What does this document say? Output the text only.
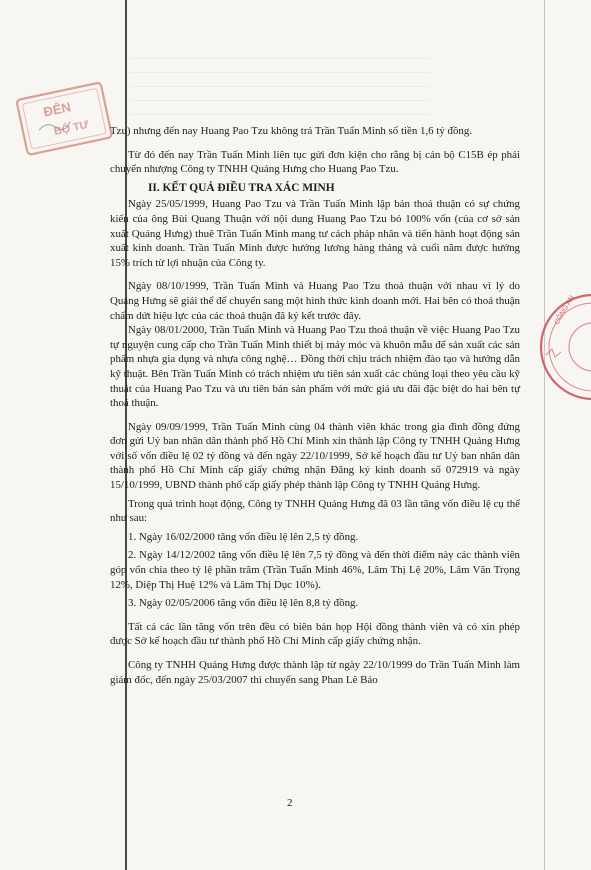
ĐẾN
BỘ TƯ
CÔNG AN

Tzu) nhưng đến nay Huang Pao Tzu không trả Trần Tuấn Minh số tiền 1,6 tỷ đồng.

Từ đó đến nay Trần Tuấn Minh liên tục gửi đơn kiện cho rằng bị cán bộ C15B ép phải chuyển nhượng Công ty TNHH Quảng Hưng cho Huang Pao Tzu.

II. KẾT QUẢ ĐIỀU TRA XÁC MINH

Ngày 25/05/1999, Huang Pao Tzu và Trần Tuấn Minh lập bản thoả thuận có sự chứng kiến của ông Bùi Quang Thuận với nội dung Huang Pao Tzu bỏ 100% vốn (của cơ sở sản xuất Quảng Hưng) thuê Trần Tuấn Minh mang tư cách pháp nhân và tiến hành hoạt động sản xuất kinh doanh. Trần Tuấn Minh được hưởng lương hàng tháng và cuối năm được hưởng 15% trích từ lợi nhuận của Công ty.

Ngày 08/10/1999, Trần Tuấn Minh và Huang Pao Tzu thoả thuận với nhau vì lý do Quảng Hưng sẽ giải thể để chuyển sang một hình thức kinh doanh mới. Hai bên có thoả thuận chấm dứt hiệu lực của các thoả thuận đã ký kết trước đây.

Ngày 08/01/2000, Trần Tuấn Minh và Huang Pao Tzu thoả thuận về việc Huang Pao Tzu tự nguyện cung cấp cho Trần Tuấn Minh thiết bị máy móc và khuôn mẫu để sản xuất các sản phẩm nhựa gia dụng và nhựa công nghệ… Đồng thời chịu trách nhiệm đào tạo và hướng dẫn kỹ thuật. Bên Trần Tuấn Minh có trách nhiệm ưu tiên sản xuất các chủng loại theo yêu cầu kỹ thuật của Huang Pao Tzu và ưu tiên bán sản phẩm với mức giá ưu đãi đặc biệt do hai bên tự thoả thuận.

Ngày 09/09/1999, Trần Tuấn Minh cùng 04 thành viên khác trong gia đình đồng đứng đơn gửi Uỷ ban nhân dân thành phố Hồ Chí Minh xin thành lập Công ty TNHH Quảng Hưng với số vốn điều lệ 02 tỷ đồng và đến ngày 22/10/1999, Sở kế hoạch đầu tư Uỷ ban nhân dân thành phố Hồ Chí Minh cấp giấy chứng nhận Đăng ký kinh doanh số 072919 và ngày 15/10/1999, UBND thành phố cấp giấy phép thành lập Công ty TNHH Quảng Hưng.

Trong quá trình hoạt động, Công ty TNHH Quảng Hưng đã 03 lần tăng vốn điều lệ cụ thể như sau:

1. Ngày 16/02/2000 tăng vốn điều lệ lên 2,5 tỷ đồng.

2. Ngày 14/12/2002 tăng vốn điều lệ lên 7,5 tỷ đồng và đến thời điểm này các thành viên góp vốn chia theo tỷ lệ phần trăm (Trần Tuấn Minh 46%, Lâm Thị Lệ 20%, Lâm Văn Trọng 12%, Diệp Thị Huệ 12% và Lâm Thị Dục 10%).

3. Ngày 02/05/2006 tăng vốn điều lệ lên 8,8 tỷ đồng.

Tất cả các lần tăng vốn trên đều có biên bản họp Hội đồng thành viên và có xin phép được Sở kế hoạch đầu tư thành phố Hồ Chí Minh cấp giấy chứng nhận.

Công ty TNHH Quảng Hưng được thành lập từ ngày 22/10/1999 do Trần Tuấn Minh làm giám đốc, đến ngày 25/03/2007 thì chuyển sang Phan Lê Bảo

2
